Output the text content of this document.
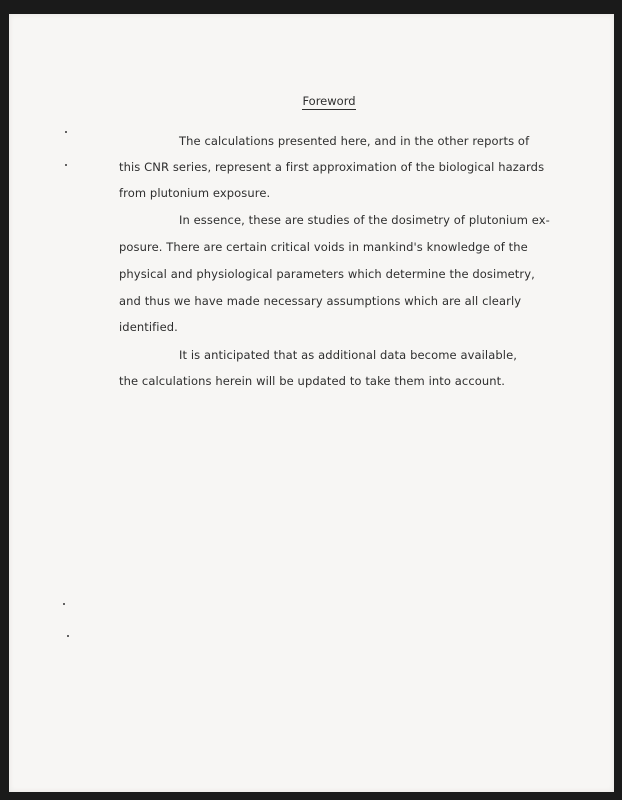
Foreword
The calculations presented here, and in the other reports of
this CNR series, represent a first approximation of the biological hazards
from plutonium exposure.
In essence, these are studies of the dosimetry of plutonium ex-
posure. There are certain critical voids in mankind's knowledge of the
physical and physiological parameters which determine the dosimetry,
and thus we have made necessary assumptions which are all clearly
identified.
It is anticipated that as additional data become available,
the calculations herein will be updated to take them into account.
